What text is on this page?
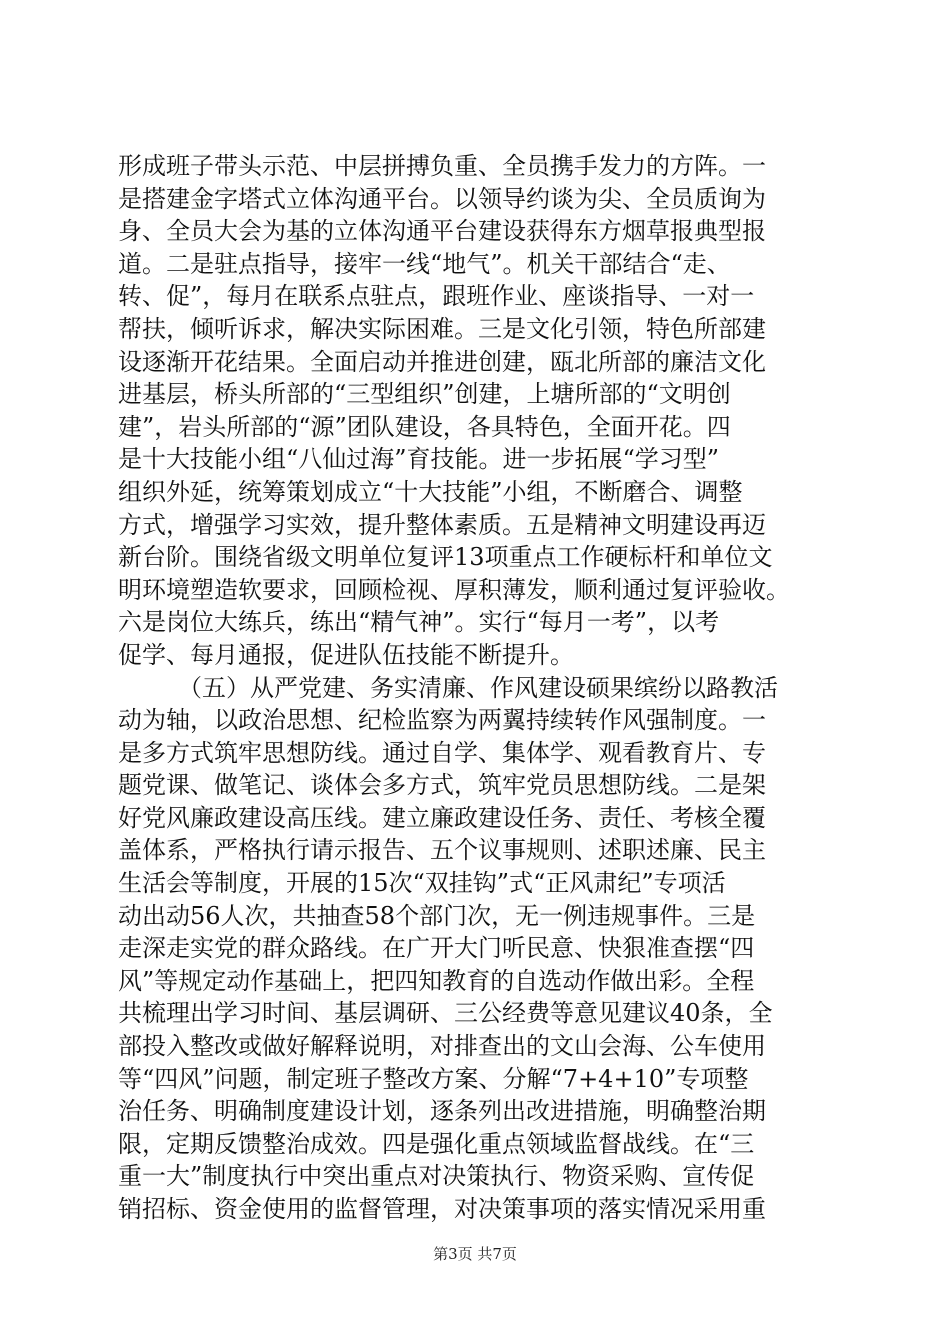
形成班子带头示范、中层拼搏负重、全员携手发力的方阵。一
是搭建金字塔式立体沟通平台。以领导约谈为尖、全员质询为
身、全员大会为基的立体沟通平台建设获得东方烟草报典型报
道。二是驻点指导，接牢一线“地气”。机关干部结合“走、
转、促”，每月在联系点驻点，跟班作业、座谈指导、一对一
帮扶，倾听诉求，解决实际困难。三是文化引领，特色所部建
设逐渐开花结果。全面启动并推进创建，瓯北所部的廉洁文化
进基层，桥头所部的“三型组织”创建，上塘所部的“文明创
建”，岩头所部的“源”团队建设，各具特色，全面开花。四
是十大技能小组“八仙过海”育技能。进一步拓展“学习型”
组织外延，统筹策划成立“十大技能”小组，不断磨合、调整
方式，增强学习实效，提升整体素质。五是精神文明建设再迈
新台阶。围绕省级文明单位复评13项重点工作硬标杆和单位文
明环境塑造软要求，回顾检视、厚积薄发，顺利通过复评验收。
六是岗位大练兵，练出“精气神”。实行“每月一考”，以考
促学、每月通报，促进队伍技能不断提升。
（五）从严党建、务实清廉、作风建设硕果缤纷以路教活
动为轴，以政治思想、纪检监察为两翼持续转作风强制度。一
是多方式筑牢思想防线。通过自学、集体学、观看教育片、专
题党课、做笔记、谈体会多方式，筑牢党员思想防线。二是架
好党风廉政建设高压线。建立廉政建设任务、责任、考核全覆
盖体系，严格执行请示报告、五个议事规则、述职述廉、民主
生活会等制度，开展的15次“双挂钩”式“正风肃纪”专项活
动出动56人次，共抽查58个部门次，无一例违规事件。三是
走深走实党的群众路线。在广开大门听民意、快狠准查摆“四
风”等规定动作基础上，把四知教育的自选动作做出彩。全程
共梳理出学习时间、基层调研、三公经费等意见建议40条，全
部投入整改或做好解释说明，对排查出的文山会海、公车使用
等“四风”问题，制定班子整改方案、分解“7+4+10”专项整
治任务、明确制度建设计划，逐条列出改进措施，明确整治期
限，定期反馈整治成效。四是强化重点领域监督战线。在“三
重一大”制度执行中突出重点对决策执行、物资采购、宣传促
销招标、资金使用的监督管理，对决策事项的落实情况采用重
第3页 共7页
